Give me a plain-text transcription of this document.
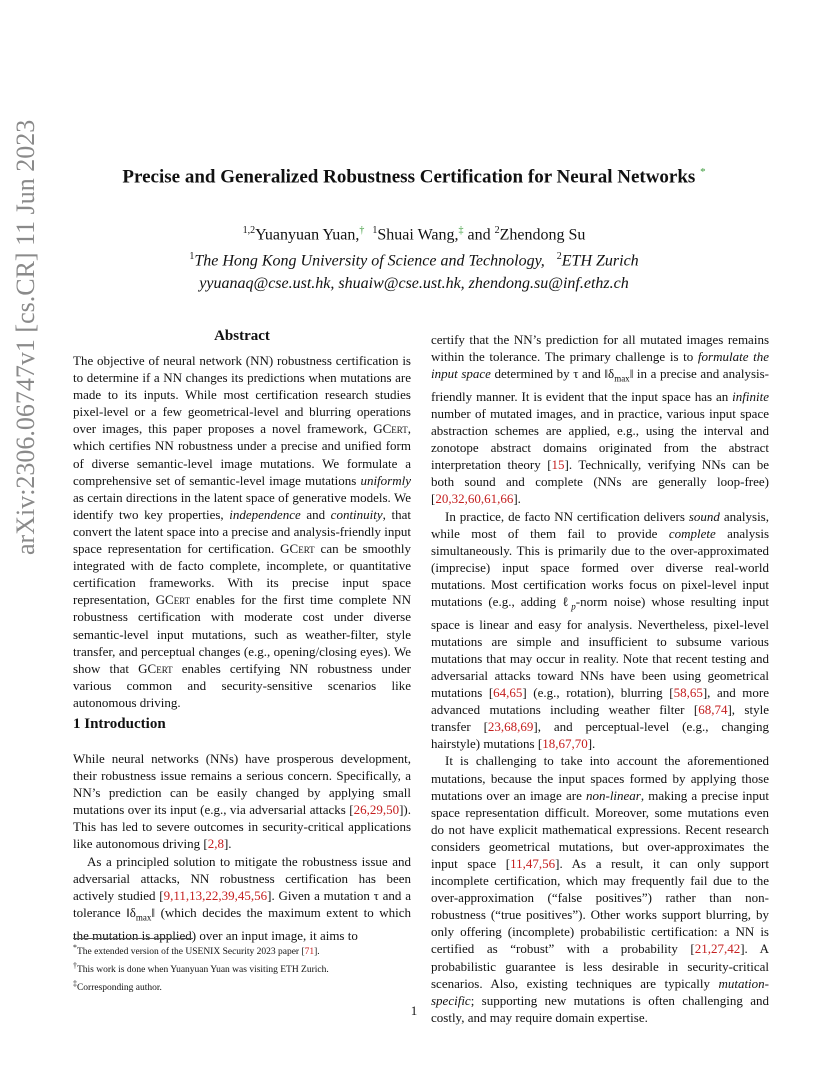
arXiv:2306.06747v1 [cs.CR] 11 Jun 2023	Precise and Generalized Robustness Certification for Neural Networks *
$^{1,2}$Yuanyuan Yuan,† $^1$Shuai Wang,‡ and $^2$Zhendong Su
$^1$The Hong Kong University of Science and Technology, $^2$ETH Zurich
yyuanaq@cse.ust.hk, shuaiw@cse.ust.hk, zhendong.su@inf.ethz.ch
Abstract

The objective of neural network (NN) robustness certification is to determine if a NN changes its predictions when mutations are made to its inputs. While most certification research studies pixel-level or a few geometrical-level and blurring operations over images, this paper proposes a novel framework, GCert, which certifies NN robustness under a precise and unified form of diverse semantic-level image mutations. We formulate a comprehensive set of semantic-level image mutations uniformly as certain directions in the latent space of generative models. We identify two key properties, independence and continuity, that convert the latent space into a precise and analysis-friendly input space representation for certification. GCert can be smoothly integrated with de facto complete, incomplete, or quantitative certification frameworks. With its precise input space representation, GCert enables for the first time complete NN robustness certification with moderate cost under diverse semantic-level input mutations, such as weather-filter, style transfer, and perceptual changes (e.g., opening/closing eyes). We show that GCert enables certifying NN robustness under various common and security-sensitive scenarios like autonomous driving.

1 Introduction

While neural networks (NNs) have prosperous development, their robustness issue remains a serious concern. Specifically, a NN’s prediction can be easily changed by applying small mutations over its input (e.g., via adversarial attacks [26,29,50]). This has led to severe outcomes in security-critical applications like autonomous driving [2,8].

As a principled solution to mitigate the robustness issue and adversarial attacks, NN robustness certification has been actively studied [9,11,13,22,39,45,56]. Given a mutation τ and a tolerance $‖\delta_{max}‖$ (which decides the maximum extent to which the mutation is applied) over an input image, it aims to

*The extended version of the USENIX Security 2023 paper [71].
†This work is done when Yuanyuan Yuan was visiting ETH Zurich.
‡Corresponding author.

certify that the NN’s prediction for all mutated images remains within the tolerance. The primary challenge is to formulate the input space determined by τ and $‖\delta_{max}‖$ in a precise and analysis-friendly manner. It is evident that the input space has an infinite number of mutated images, and in practice, various input space abstraction schemes are applied, e.g., using the interval and zonotope abstract domains originated from the abstract interpretation theory [15]. Technically, verifying NNs can be both sound and complete (NNs are generally loop-free) [20,32,60,61,66].

In practice, de facto NN certification delivers sound analysis, while most of them fail to provide complete analysis simultaneously. This is primarily due to the over-approximated (imprecise) input space formed over diverse real-world mutations. Most certification works focus on pixel-level input mutations (e.g., adding ℓ$_p$-norm noise) whose resulting input space is linear and easy for analysis. Nevertheless, pixel-level mutations are simple and insufficient to subsume various mutations that may occur in reality. Note that recent testing and adversarial attacks toward NNs have been using geometrical mutations [64,65] (e.g., rotation), blurring [58,65], and more advanced mutations including weather filter [68,74], style transfer [23,68,69], and perceptual-level (e.g., changing hairstyle) mutations [18,67,70].

It is challenging to take into account the aforementioned mutations, because the input spaces formed by applying those mutations over an image are non-linear, making a precise input space representation difficult. Moreover, some mutations even do not have explicit mathematical expressions. Recent research considers geometrical mutations, but over-approximates the input space [11,47,56]. As a result, it can only support incomplete certification, which may frequently fail due to the over-approximation (“false positives”) rather than non-robustness (“true positives”). Other works support blurring, by only offering (incomplete) probabilistic certification: a NN is certified as “robust” with a probability [21,27,42]. A probabilistic guarantee is less desirable in security-critical scenarios. Also, existing techniques are typically mutation-specific; supporting new mutations is often challenging and costly, and may require domain expertise.

1
